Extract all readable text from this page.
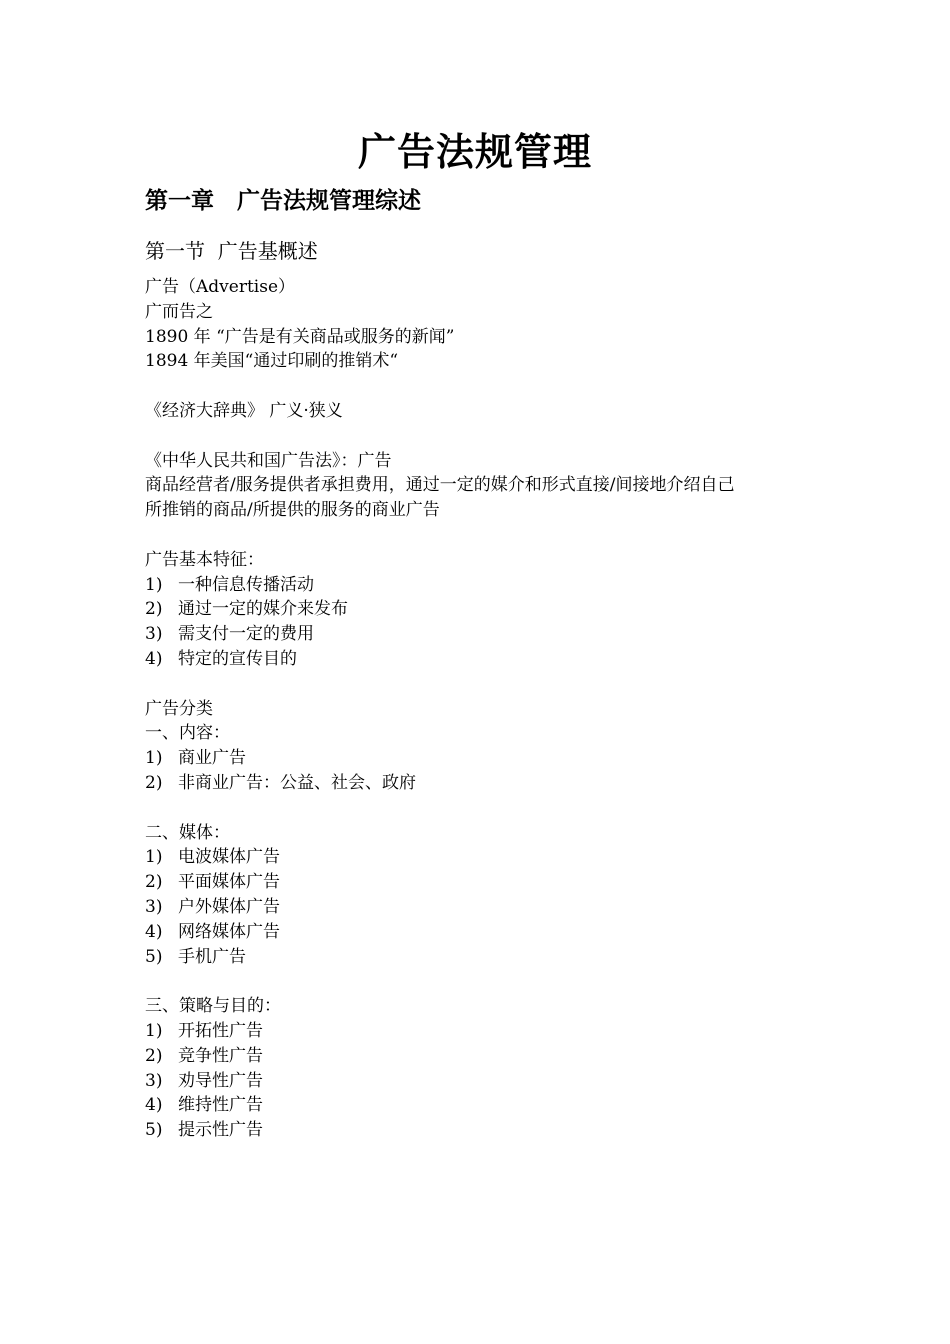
广告法规管理
第一章　广告法规管理综述
第一节  广告基概述
广告（Advertise）
广而告之
1890 年 “广告是有关商品或服务的新闻”
1894 年美国“通过印刷的推销术“
《经济大辞典》 广义·狭义
《中华人民共和国广告法》：广告
商品经营者/服务提供者承担费用，通过一定的媒介和形式直接/间接地介绍自己
所推销的商品/所提供的服务的商业广告
广告基本特征：
1) 一种信息传播活动
2) 通过一定的媒介来发布
3) 需支付一定的费用
4) 特定的宣传目的
广告分类
一、内容：
1) 商业广告
2) 非商业广告：公益、社会、政府
二、媒体：
1) 电波媒体广告
2) 平面媒体广告
3) 户外媒体广告
4) 网络媒体广告
5) 手机广告
三、策略与目的：
1) 开拓性广告
2) 竞争性广告
3) 劝导性广告
4) 维持性广告
5) 提示性广告
